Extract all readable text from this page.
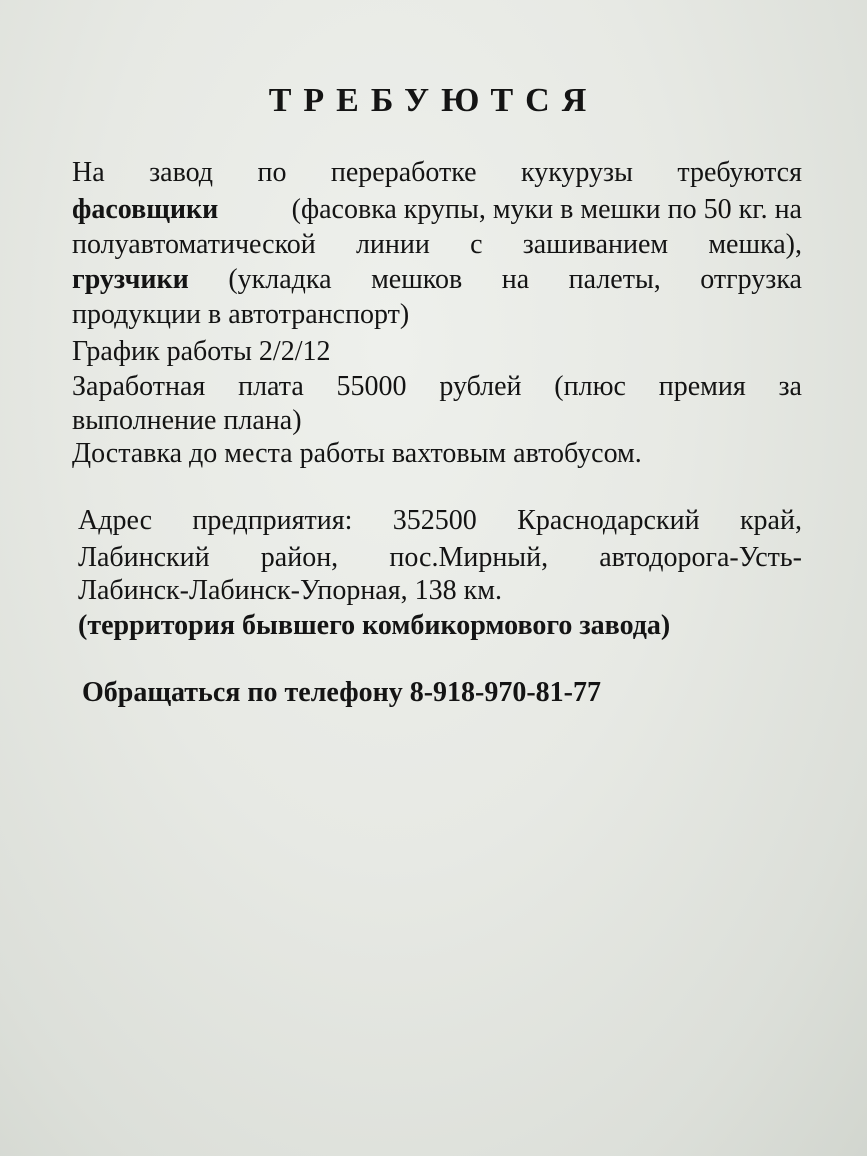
ТРЕБУЮТСЯ
На завод по переработке кукурузы требуются
фасовщики	(фасовка крупы, муки в мешки по 50 кг. на
полуавтоматической линии с зашиванием мешка),
грузчики (укладка мешков на палеты, отгрузка

продукции в автотранспорт)

График работы 2/2/12

Заработная плата 55000 рублей (плюс премия за

выполнение плана)

Доставка до места работы вахтовым автобусом.

Адрес предприятия: 352500 Краснодарский край,
Лабинский район, пос.Мирный, автодорога-Усть-

Лабинск-Лабинск-Упорная, 138 км.

(территория бывшего комбикормового завода)

Обращаться по телефону 8-918-970-81-77
